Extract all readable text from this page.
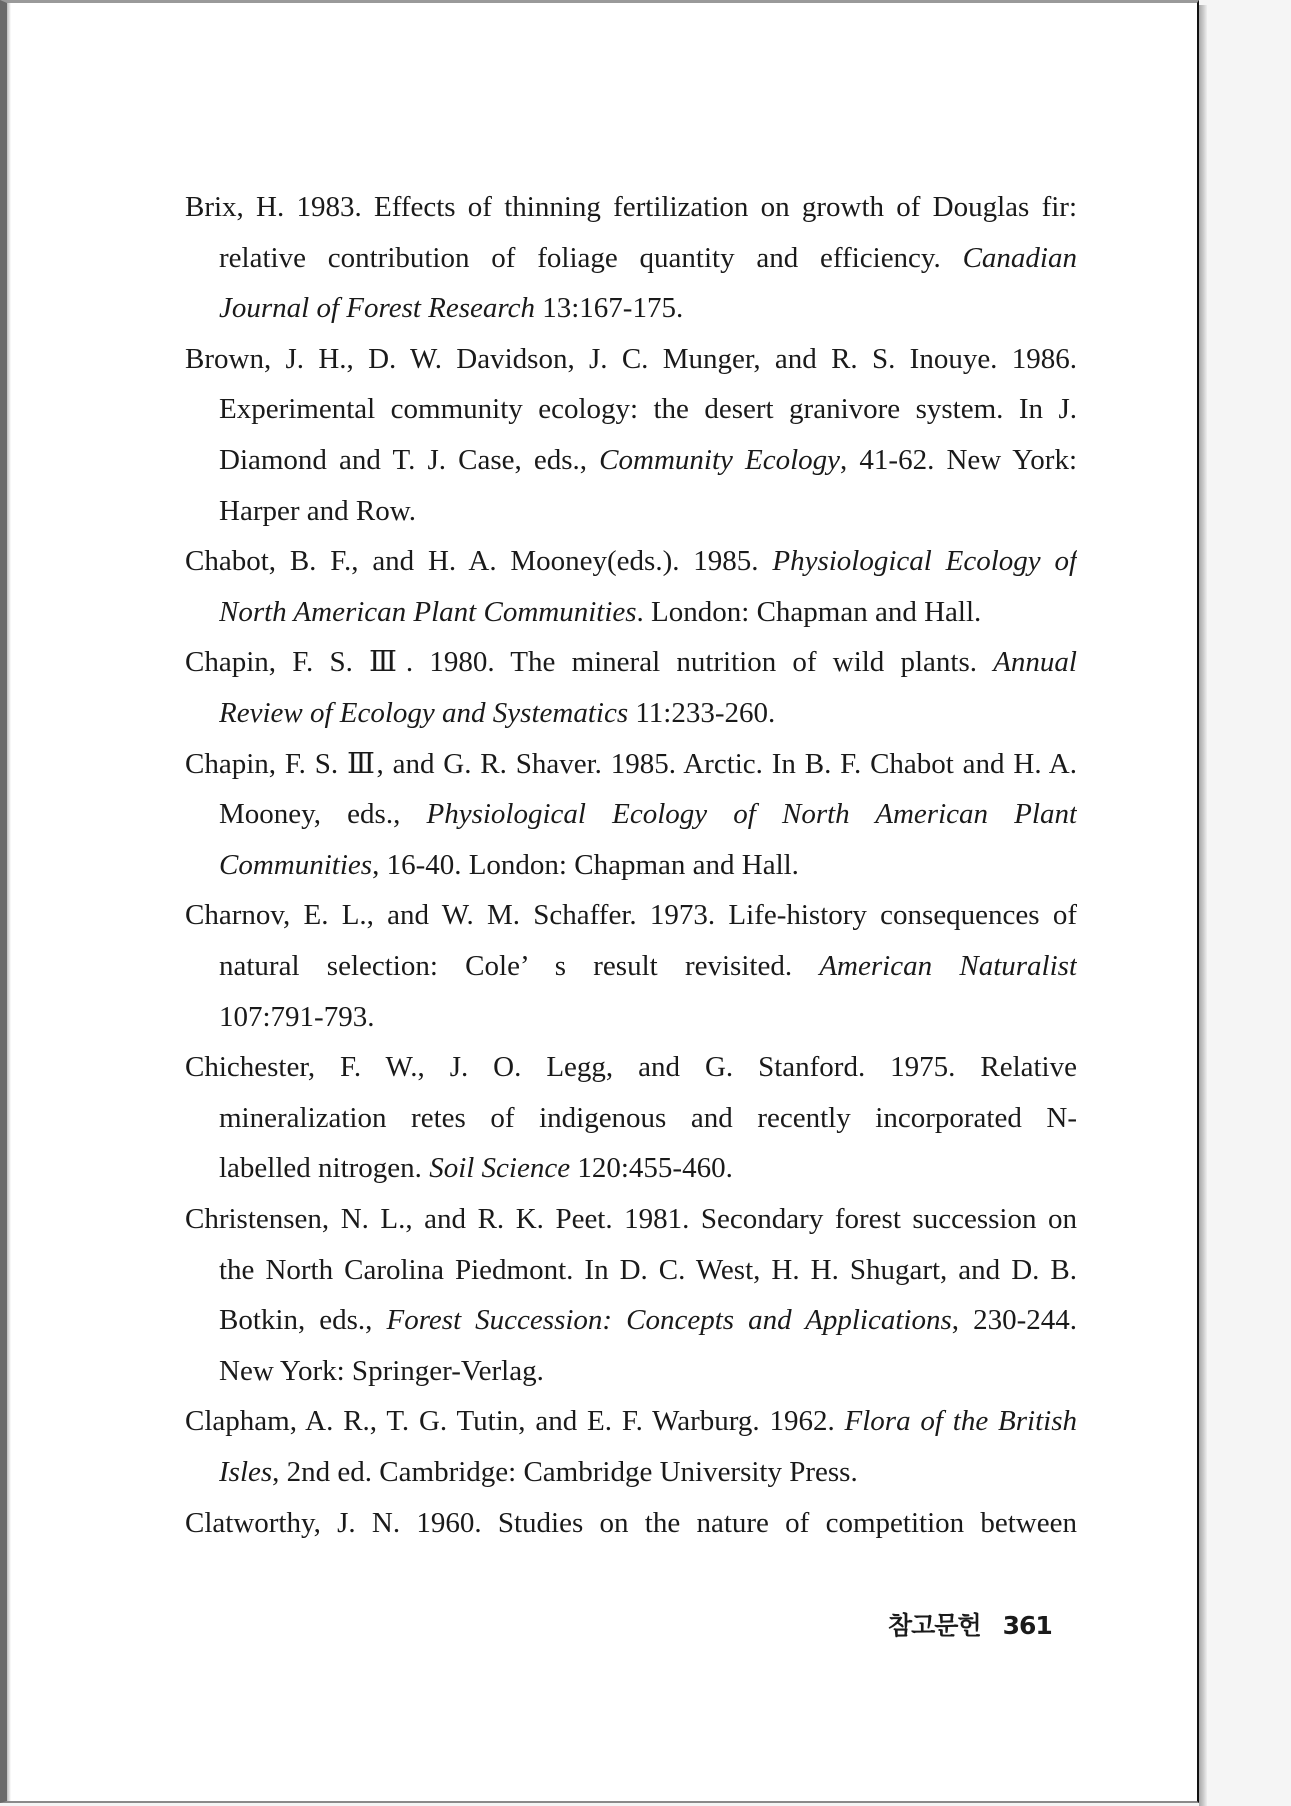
Brix, H. 1983. Effects of thinning fertilization on growth of Douglas fir:
relative contribution of foliage quantity and efficiency. Canadian
Journal of Forest Research 13:167-175.
Brown, J. H., D. W. Davidson, J. C. Munger, and R. S. Inouye. 1986.
Experimental community ecology: the desert granivore system. In J.
Diamond and T. J. Case, eds., Community Ecology, 41-62. New York:
Harper and Row.
Chabot, B. F., and H. A. Mooney(eds.). 1985. Physiological Ecology of
North American Plant Communities. London: Chapman and Hall.
Chapin, F. S. Ⅲ. 1980. The mineral nutrition of wild plants. Annual
Review of Ecology and Systematics 11:233-260.
Chapin, F. S. Ⅲ, and G. R. Shaver. 1985. Arctic. In B. F. Chabot and H. A.
Mooney, eds., Physiological Ecology of North American Plant
Communities, 16-40. London: Chapman and Hall.
Charnov, E. L., and W. M. Schaffer. 1973. Life-history consequences of
natural selection: Cole’ s result revisited. American Naturalist
107:791-793.
Chichester, F. W., J. O. Legg, and G. Stanford. 1975. Relative
mineralization retes of indigenous and recently incorporated N-
labelled nitrogen. Soil Science 120:455-460.
Christensen, N. L., and R. K. Peet. 1981. Secondary forest succession on
the North Carolina Piedmont. In D. C. West, H. H. Shugart, and D. B.
Botkin, eds., Forest Succession: Concepts and Applications, 230-244.
New York: Springer-Verlag.
Clapham, A. R., T. G. Tutin, and E. F. Warburg. 1962. Flora of the British
Isles, 2nd ed. Cambridge: Cambridge University Press.
Clatworthy, J. N. 1960. Studies on the nature of competition between
참고문헌 361
